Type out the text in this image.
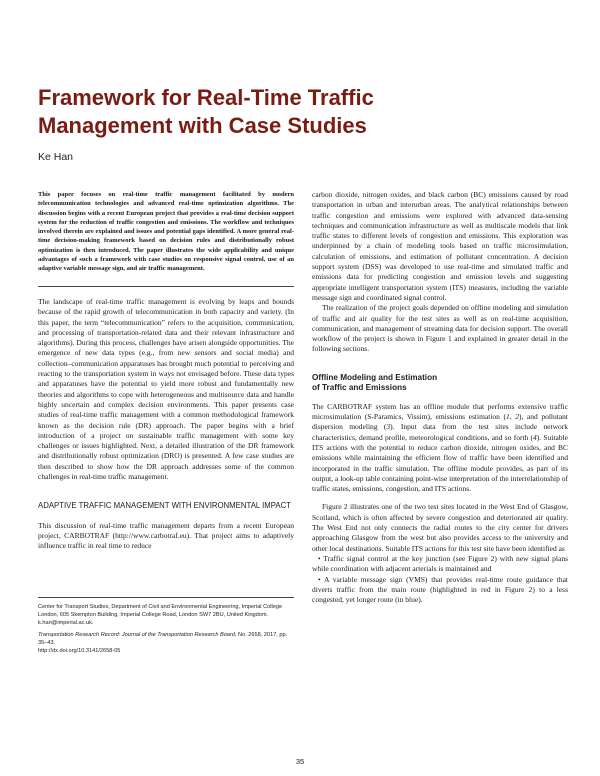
Framework for Real-Time Traffic Management with Case Studies

Ke Han

This paper focuses on real-time traffic management facilitated by modern telecommunication technologies and advanced real-time optimization algorithms. The discussion begins with a recent European project that provides a real-time decision support system for the reduction of traffic congestion and emissions. The workflow and techniques involved therein are explained and issues and potential gaps identified. A more general real-time decision-making framework based on decision rules and distributionally robust optimization is then introduced. The paper illustrates the wide applicability and unique advantages of such a framework with case studies on responsive signal control, use of an adaptive variable message sign, and air traffic management.

The landscape of real-time traffic management is evolving by leaps and bounds because of the rapid growth of telecommunication in both capacity and variety. (In this paper, the term “telecommunication” refers to the acquisition, communication, and processing of transportation-related data and their relevant infrastructure and algorithms). During this process, challenges have arisen alongside opportunities. The emergence of new data types (e.g., from new sensors and social media) and collection–communication apparatuses has brought much potential to perceiving and reacting to the transportation system in ways not envisaged before. These data types and apparatuses have the potential to yield more robust and fundamentally new theories and algorithms to cope with heterogeneous and multisource data and handle highly uncertain and complex decision environments. This paper presents case studies of real-time traffic management with a common methodological framework known as the decision rule (DR) approach. The paper begins with a brief introduction of a project on sustainable traffic management with some key challenges or issues highlighted. Next, a detailed illustration of the DR framework and distributionally robust optimization (DRO) is presented. A few case studies are then described to show how the DR approach addresses some of the common challenges in real-time traffic management.

ADAPTIVE TRAFFIC MANAGEMENT WITH ENVIRONMENTAL IMPACT

This discussion of real-time traffic management departs from a recent European project, CARBOTRAF (http://www.carbotraf.eu). That project aims to adaptively influence traffic in real time to reduce

Center for Transport Studies, Department of Civil and Environmental Engineering, Imperial College London, 605 Skempton Building, Imperial College Road, London SW7 2BU, United Kingdom. k.han@imperial.ac.uk.

Transportation Research Record: Journal of the Transportation Research Board, No. 2658, 2017, pp. 35–43.
http://dx.doi.org/10.3141/2658-05

carbon dioxide, nitrogen oxides, and black carbon (BC) emissions caused by road transportation in urban and interurban areas. The analytical relationships between traffic congestion and emissions were explored with advanced data-sensing techniques and communication infrastructure as well as multiscale models that link traffic states to different levels of congestion and emissions. This exploration was underpinned by a chain of modeling tools based on traffic microsimulation, calculation of emissions, and estimation of pollutant concentration. A decision support system (DSS) was developed to use real-time and simulated traffic and emissions data for predicting congestion and emission levels and suggesting appropriate intelligent transportation system (ITS) measures, including the variable message sign and coordinated signal control.

The realization of the project goals depended on offline modeling and simulation of traffic and air quality for the test sites as well as on real-time acquisition, communication, and management of streaming data for decision support. The overall workflow of the project is shown in Figure 1 and explained in greater detail in the following sections.

Offline Modeling and Estimation
of Traffic and Emissions

The CARBOTRAF system has an offline module that performs extensive traffic microsimulation (S-Paramics, Vissim), emissions estimation (1, 2), and pollutant dispersion modeling (3). Input data from the test sites include network characteristics, demand profile, meteorological conditions, and so forth (4). Suitable ITS actions with the potential to reduce carbon dioxide, nitrogen oxides, and BC emissions while maintaining the efficient flow of traffic have been identified and incorporated in the traffic simulation. The offline module provides, as part of its output, a look-up table containing point-wise interpretation of the interrelationship of traffic states, emissions, congestion, and ITS actions.

Figure 2 illustrates one of the two test sites located in the West End of Glasgow, Scotland, which is often affected by severe congestion and deteriorated air quality. The West End not only connects the radial routes to the city center for drivers approaching Glasgow from the west but also provides access to the university and other local destinations. Suitable ITS actions for this test site have been identified as

• Traffic signal control at the key junction (see Figure 2) with new signal plans while coordination with adjacent arterials is maintained and

• A variable message sign (VMS) that provides real-time route guidance that diverts traffic from the main route (highlighted in red in Figure 2) to a less congested, yet longer route (in blue).

35
